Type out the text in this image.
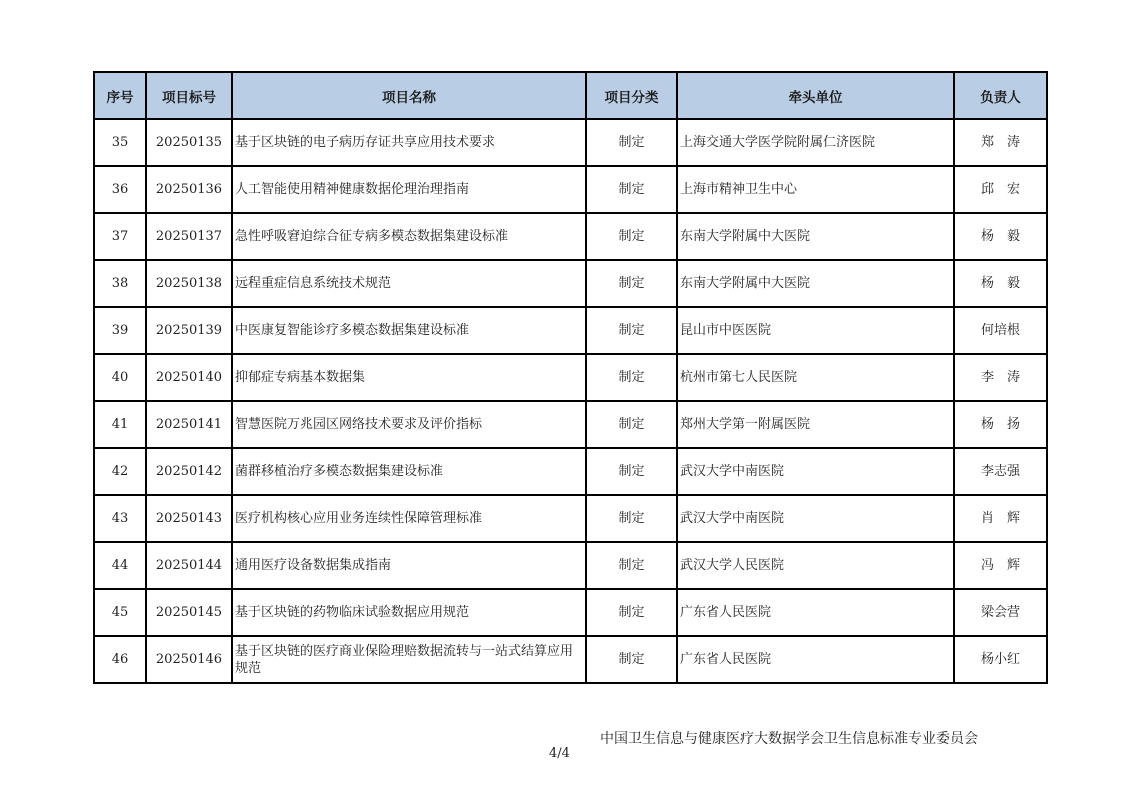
序号	项目标号	项目名称	项目分类	牵头单位	负责人
35	20250135	基于区块链的电子病历存证共享应用技术要求	制定	上海交通大学医学院附属仁济医院	郑　涛
36	20250136	人工智能使用精神健康数据伦理治理指南	制定	上海市精神卫生中心	邱　宏
37	20250137	急性呼吸窘迫综合征专病多模态数据集建设标准	制定	东南大学附属中大医院	杨　毅
38	20250138	远程重症信息系统技术规范	制定	东南大学附属中大医院	杨　毅
39	20250139	中医康复智能诊疗多模态数据集建设标准	制定	昆山市中医医院	何培根
40	20250140	抑郁症专病基本数据集	制定	杭州市第七人民医院	李　涛
41	20250141	智慧医院万兆园区网络技术要求及评价指标	制定	郑州大学第一附属医院	杨　扬
42	20250142	菌群移植治疗多模态数据集建设标准	制定	武汉大学中南医院	李志强
43	20250143	医疗机构核心应用业务连续性保障管理标准	制定	武汉大学中南医院	肖　辉
44	20250144	通用医疗设备数据集成指南	制定	武汉大学人民医院	冯　辉
45	20250145	基于区块链的药物临床试验数据应用规范	制定	广东省人民医院	梁会营
46	20250146	基于区块链的医疗商业保险理赔数据流转与一站式结算应用规范	制定	广东省人民医院	杨小红
中国卫生信息与健康医疗大数据学会卫生信息标准专业委员会
4/4
